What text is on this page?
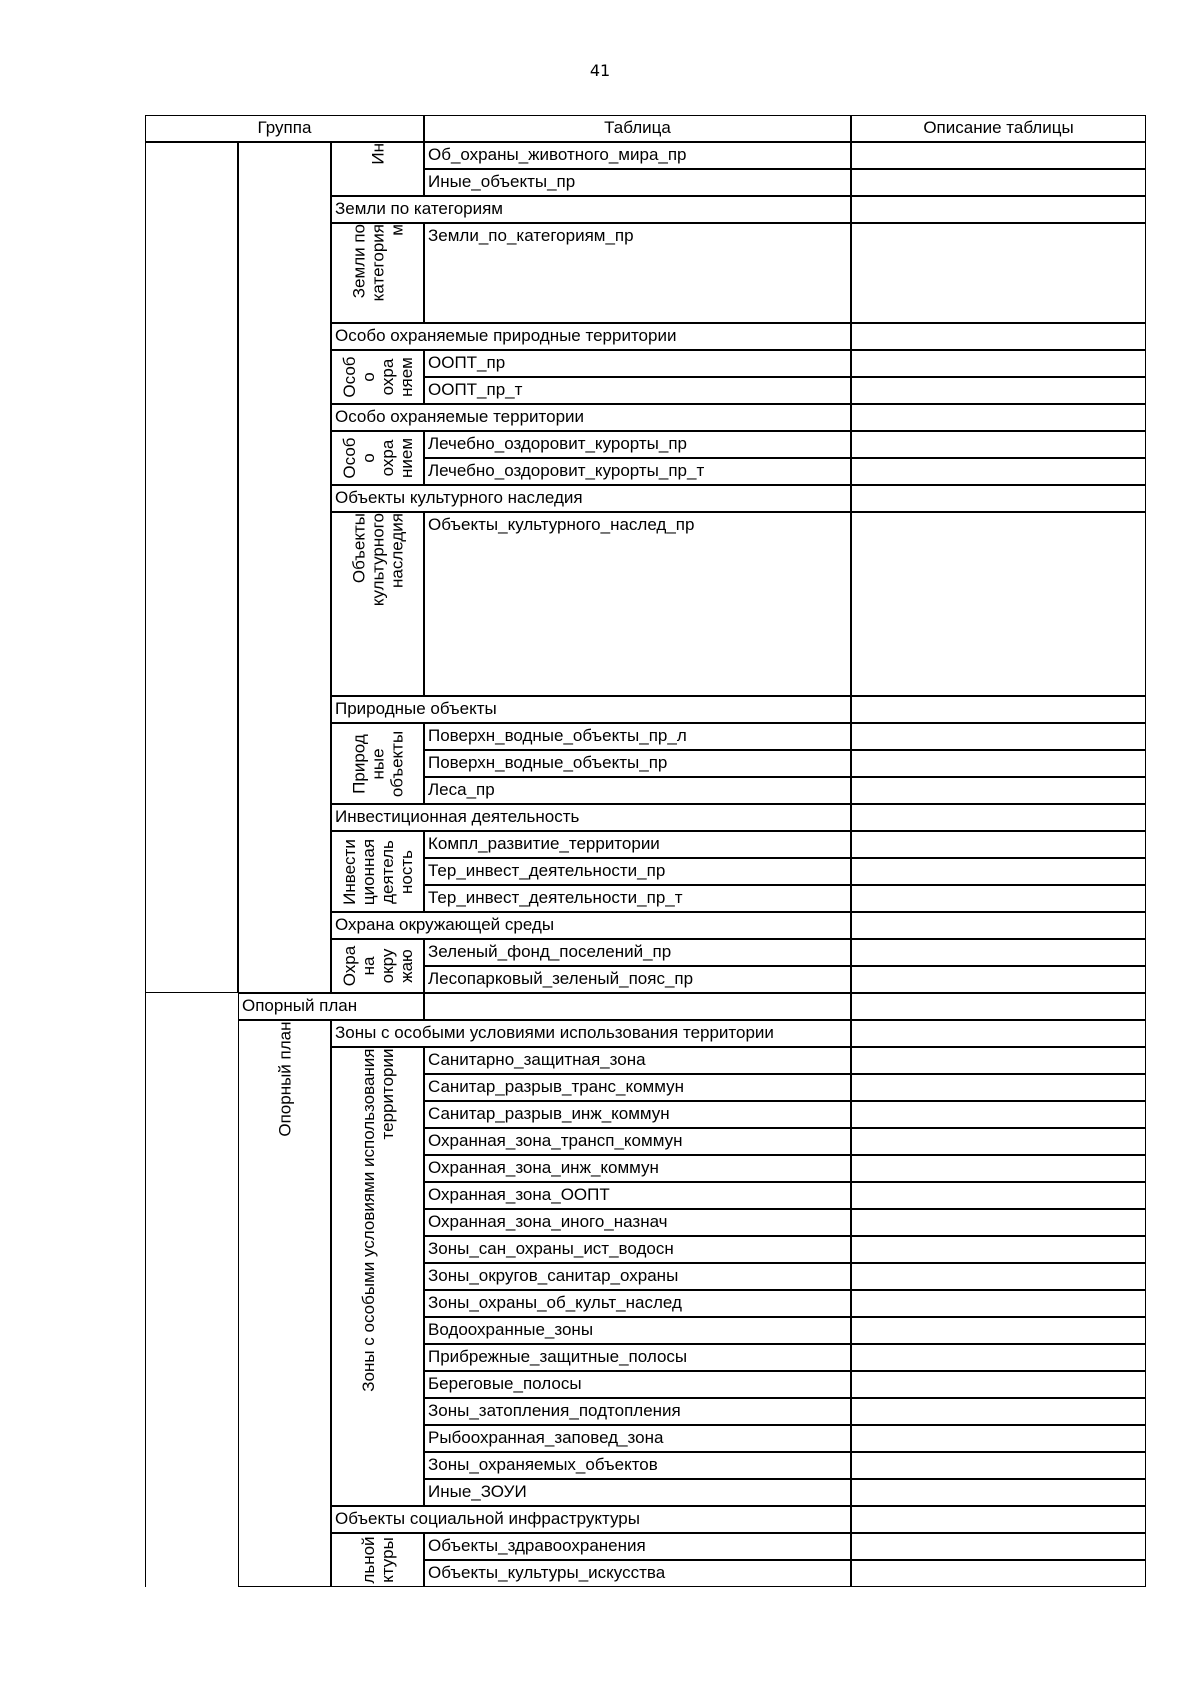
41
Группа	Таблица	Описание таблицы
Ин Об_охраны_животного_мира_пр
Иные_объекты_пр
Земли по категориям
Земли по
категория
м Земли_по_категориям_пр
Особо охраняемые природные территории
Особ
о
охра
няем ООПТ_пр
ООПТ_пр_т
Особо охраняемые территории
Особ
о
охра
нием Лечебно_оздоровит_курорты_пр
Лечебно_оздоровит_курорты_пр_т
Объекты культурного наследия
Объекты
культурного
наследия Объекты_культурного_наслед_пр
Природные объекты
Природ
ные
объекты Поверхн_водные_объекты_пр_л
Поверхн_водные_объекты_пр
Леса_пр
Инвестиционная деятельность
Инвести
ционная
деятель
ность
Компл_развитие_территории
Тер_инвест_деятельности_пр
Тер_инвест_деятельности_пр_т
Охрана окружающей среды
Охра
на
окру
жаю Зеленый_фонд_поселений_пр
Лесопарковый_зеленый_пояс_пр
Опорный план
Зоны с особыми условиями использования территории
Санитарно_защитная_зона
Санитар_разрыв_транс_коммун
Санитар_разрыв_инж_коммун
Охранная_зона_трансп_коммун
Охранная_зона_инж_коммун
Охранная_зона_ООПТ
Охранная_зона_иного_назнач
Зоны_сан_охраны_ист_водосн
Зоны_округов_санитар_охраны
Зоны_охраны_об_культ_наслед
Водоохранные_зоны
Прибрежные_защитные_полосы
Береговые_полосы
Зоны_затопления_подтопления
Рыбоохранная_заповед_зона
Зоны_охраняемых_объектов
Иные_ЗОУИ
Зоны с особыми условиями использования
территории
Объекты социальной инфраструктуры
Объекты_здравоохранения
Объекты_культуры_искусства
льной
ктуры
Опорный план
